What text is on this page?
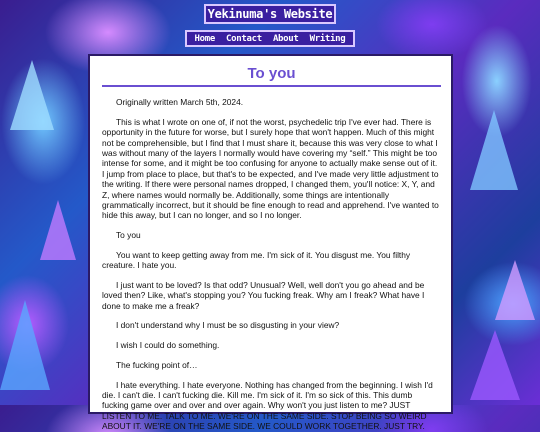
Yekinuma's Website
Home Contact About Writing
To you

Originally written March 5th, 2024.

This is what I wrote on one of, if not the worst, psychedelic trip I've ever had. There is opportunity in the future for worse, but I surely hope that won't happen. Much of this might not be comprehensible, but I find that I must share it, because this was very close to what I was without many of the layers I normally would have covering my “self.” This might be too intense for some, and it might be too confusing for anyone to actually make sense out of it. I jump from place to place, but that's to be expected, and I've made very little adjustment to the writing. If there were personal names dropped, I changed them, you'll notice: X, Y, and Z, where names would normally be. Additionally, some things are intentionally grammatically incorrect, but it should be fine enough to read and apprehend. I've wanted to hide this away, but I can no longer, and so I no longer.

To you

You want to keep getting away from me. I'm sick of it. You disgust me. You filthy creature. I hate you.

I just want to be loved? Is that odd? Unusual? Well, well don't you go ahead and be loved then? Like, what's stopping you? You fucking freak. Why am I freak? What have I done to make me a freak?

I don't understand why I must be so disgusting in your view?

I wish I could do something.

The fucking point of…

I hate everything. I hate everyone. Nothing has changed from the beginning. I wish I'd die. I can't die. I can't fucking die. Kill me. I'm sick of it. I'm so sick of this. This dumb fucking game over and over and over again. Why won't you just listen to me? JUST LISTEN TO ME. TALK TO ME. WE'RE ON THE SAME SIDE. STOP BEING SO WEIRD ABOUT IT. WE'RE ON THE SAME SIDE. WE COULD WORK TOGETHER. JUST TRY.
